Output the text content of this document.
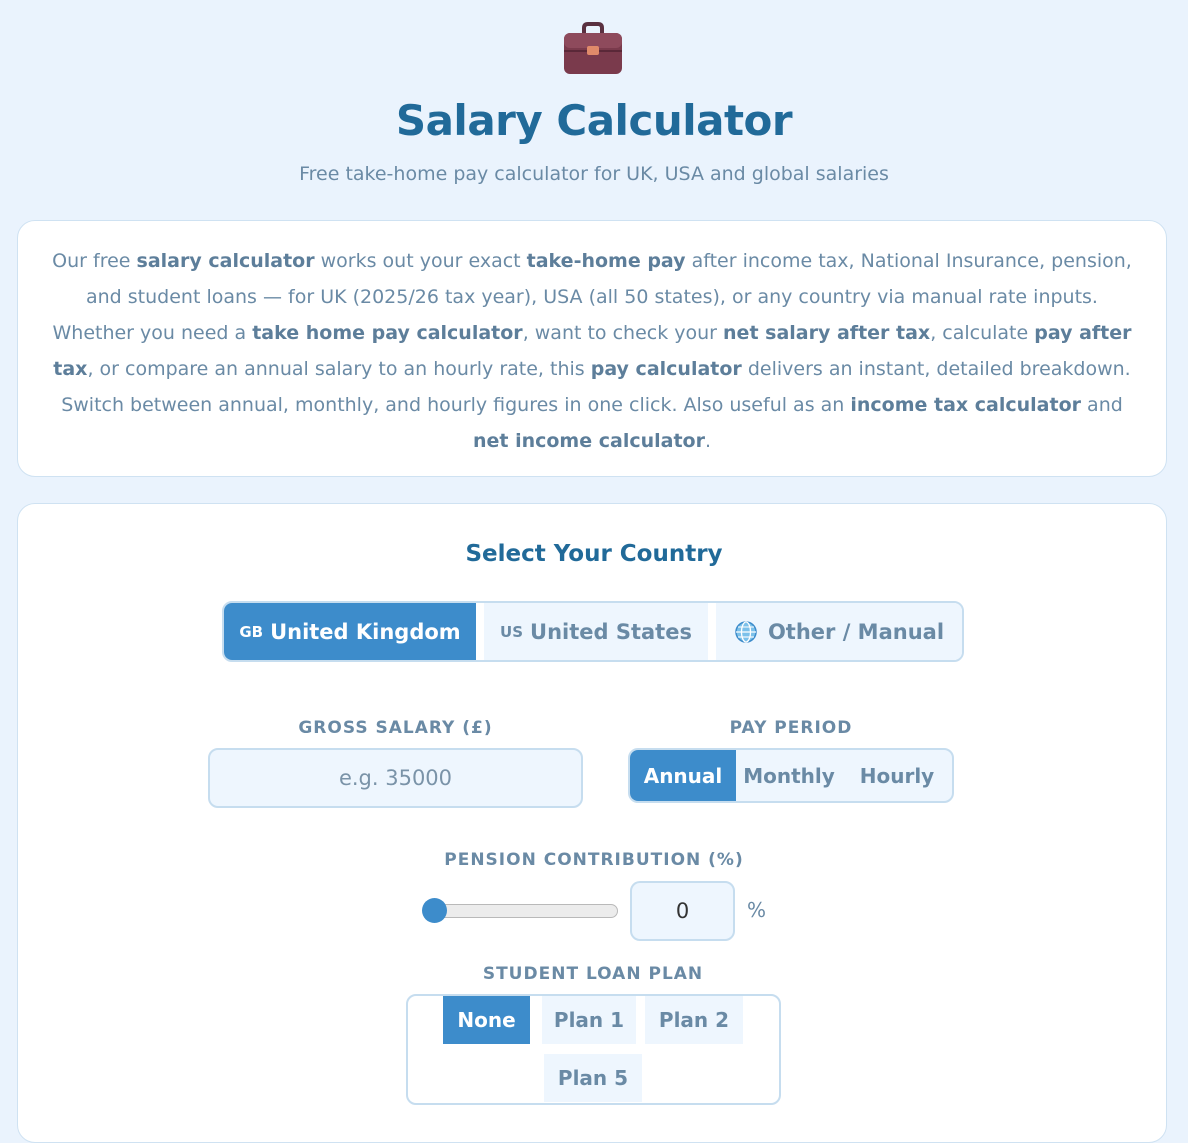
Salary Calculator
Free take-home pay calculator for UK, USA and global salaries
Our free salary calculator works out your exact take-home pay after income tax, National Insurance, pension, and student loans — for UK (2025/26 tax year), USA (all 50 states), or any country via manual rate inputs. Whether you need a take home pay calculator, want to check your net salary after tax, calculate pay after tax, or compare an annual salary to an hourly rate, this pay calculator delivers an instant, detailed breakdown. Switch between annual, monthly, and hourly figures in one click. Also useful as an income tax calculator and net income calculator.
Select Your Country
GB United Kingdom	US United States	Other / Manual
GROSS SALARY (£)
e.g. 35000	PAY PERIOD
Annual	Monthly	Hourly
PENSION CONTRIBUTION (%)
0
%
STUDENT LOAN PLAN
None	Plan 1	Plan 2
Plan 5
